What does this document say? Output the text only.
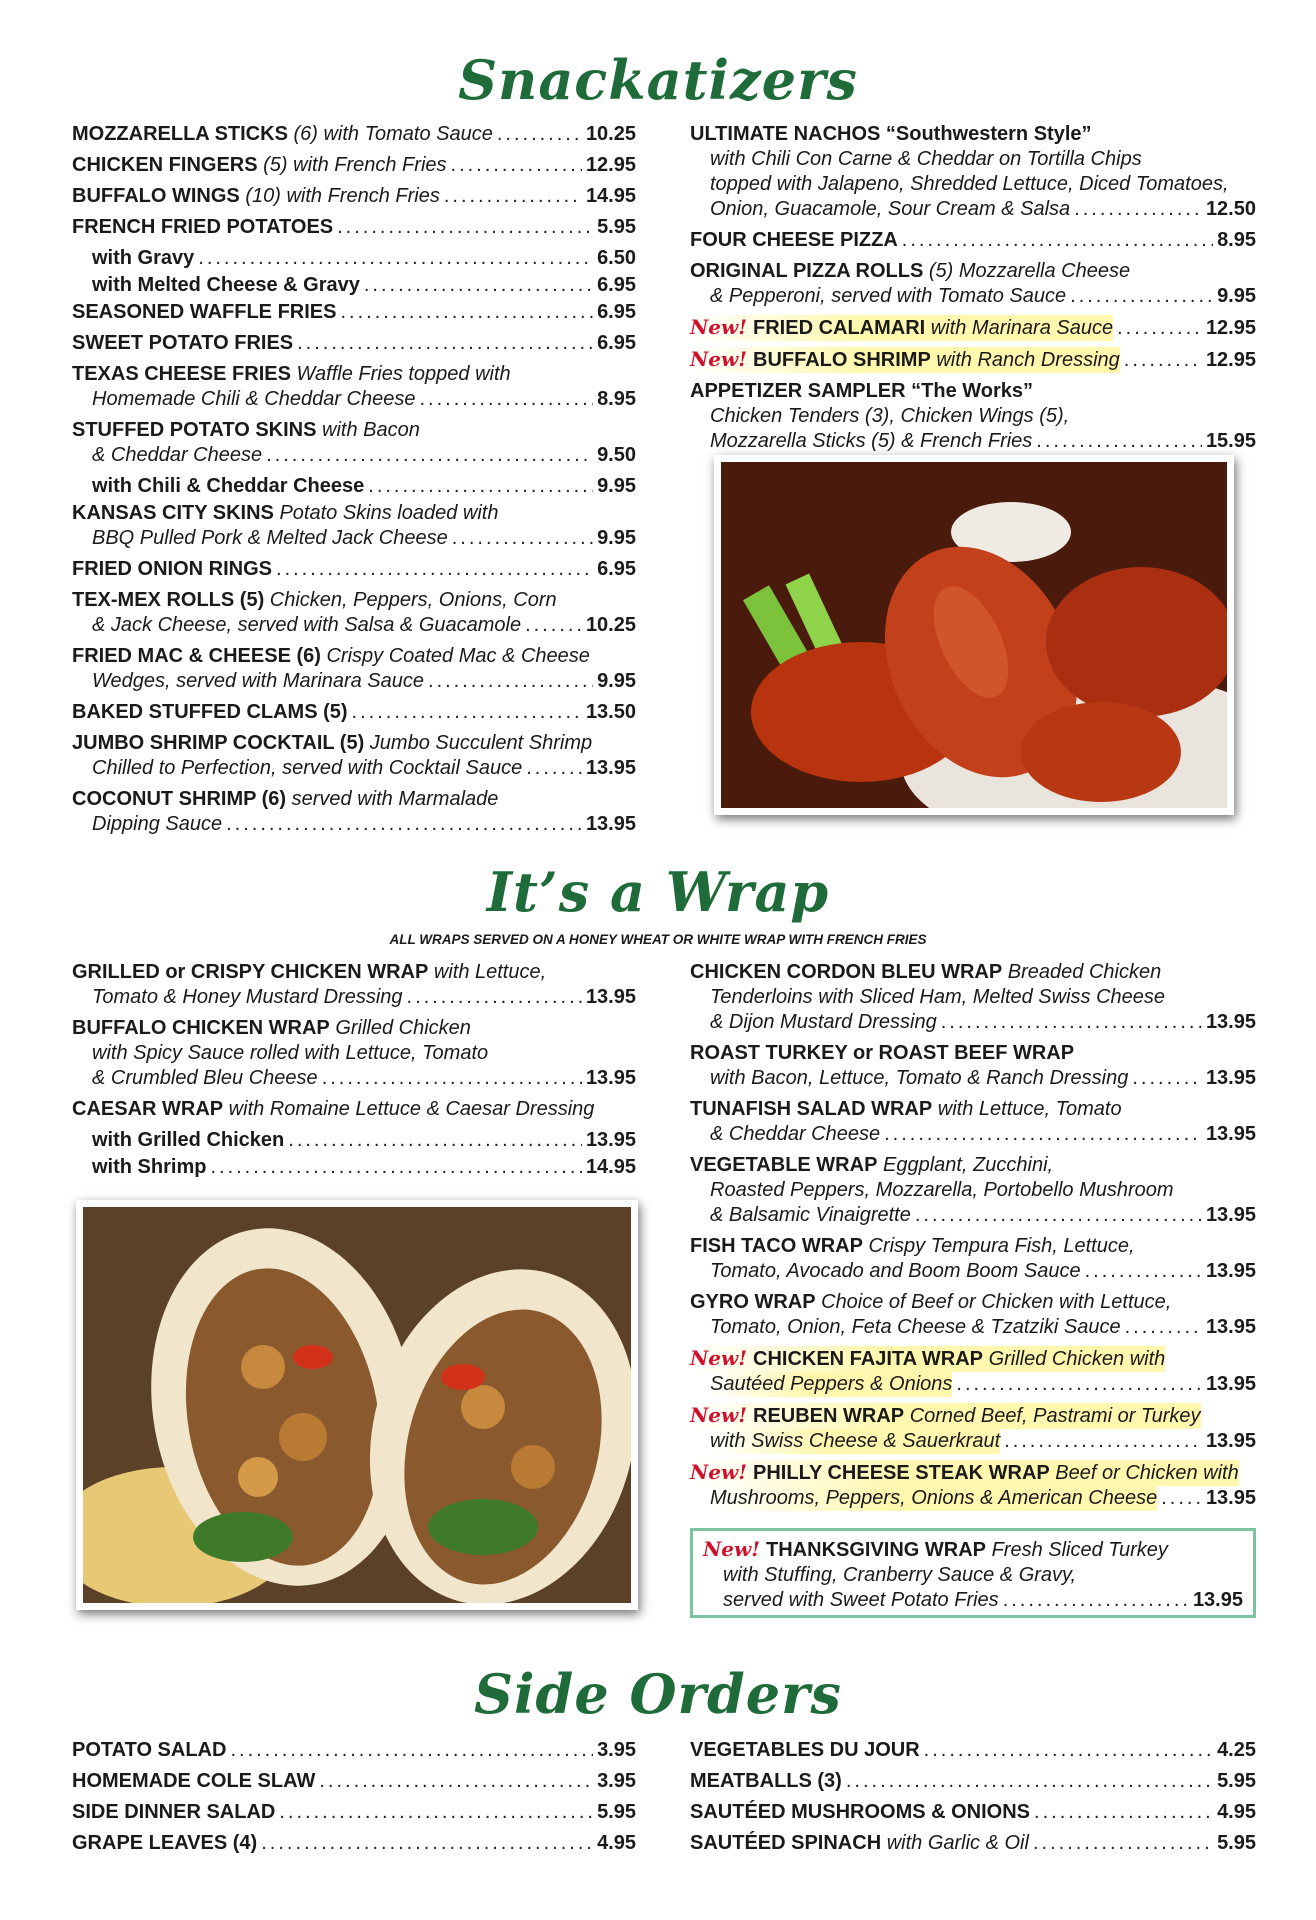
Snackatizers
MOZZARELLA STICKS (6) with Tomato Sauce .....	10.25
CHICKEN FINGERS (5) with French Fries .....	12.95
BUFFALO WINGS (10) with French Fries .....	14.95
FRENCH FRIED POTATOES .....	5.95
with Gravy .....	6.50
with Melted Cheese & Gravy .....	6.95
SEASONED WAFFLE FRIES .....	6.95
SWEET POTATO FRIES .....	6.95
TEXAS CHEESE FRIES Waffle Fries topped with
Homemade Chili & Cheddar Cheese .....	8.95
STUFFED POTATO SKINS with Bacon
& Cheddar Cheese .....	9.50
with Chili & Cheddar Cheese .....	9.95
KANSAS CITY SKINS Potato Skins loaded with
BBQ Pulled Pork & Melted Jack Cheese .....	9.95
FRIED ONION RINGS .....	6.95
TEX-MEX ROLLS (5) Chicken, Peppers, Onions, Corn
& Jack Cheese, served with Salsa & Guacamole .....	10.25
FRIED MAC & CHEESE (6) Crispy Coated Mac & Cheese
Wedges, served with Marinara Sauce .....	9.95
BAKED STUFFED CLAMS (5) .....	13.50
JUMBO SHRIMP COCKTAIL (5) Jumbo Succulent Shrimp
Chilled to Perfection, served with Cocktail Sauce .....	13.95
COCONUT SHRIMP (6) served with Marmalade
Dipping Sauce .....	13.95
ULTIMATE NACHOS “Southwestern Style”
with Chili Con Carne & Cheddar on Tortilla Chips
topped with Jalapeno, Shredded Lettuce, Diced Tomatoes,
Onion, Guacamole, Sour Cream & Salsa .....	12.50
FOUR CHEESE PIZZA .....	8.95
ORIGINAL PIZZA ROLLS (5) Mozzarella Cheese
& Pepperoni, served with Tomato Sauce .....	9.95
New! FRIED CALAMARI with Marinara Sauce .....	12.95
New! BUFFALO SHRIMP with Ranch Dressing .....	12.95
APPETIZER SAMPLER “The Works”
Chicken Tenders (3), Chicken Wings (5),
Mozzarella Sticks (5) & French Fries .....	15.95
It’s a Wrap
ALL WRAPS SERVED ON A HONEY WHEAT OR WHITE WRAP WITH FRENCH FRIES
GRILLED or CRISPY CHICKEN WRAP with Lettuce,
Tomato & Honey Mustard Dressing .....	13.95
BUFFALO CHICKEN WRAP Grilled Chicken
with Spicy Sauce rolled with Lettuce, Tomato
& Crumbled Bleu Cheese .....	13.95
CAESAR WRAP with Romaine Lettuce & Caesar Dressing
with Grilled Chicken .....	13.95
with Shrimp .....	14.95
CHICKEN CORDON BLEU WRAP Breaded Chicken
Tenderloins with Sliced Ham, Melted Swiss Cheese
& Dijon Mustard Dressing .....	13.95
ROAST TURKEY or ROAST BEEF WRAP
with Bacon, Lettuce, Tomato & Ranch Dressing .....	13.95
TUNAFISH SALAD WRAP with Lettuce, Tomato
& Cheddar Cheese .....	13.95
VEGETABLE WRAP Eggplant, Zucchini,
Roasted Peppers, Mozzarella, Portobello Mushroom
& Balsamic Vinaigrette .....	13.95
FISH TACO WRAP Crispy Tempura Fish, Lettuce,
Tomato, Avocado and Boom Boom Sauce .....	13.95
GYRO WRAP Choice of Beef or Chicken with Lettuce,
Tomato, Onion, Feta Cheese & Tzatziki Sauce .....	13.95
New! CHICKEN FAJITA WRAP Grilled Chicken with
Sautéed Peppers & Onions .....	13.95
New! REUBEN WRAP Corned Beef, Pastrami or Turkey
with Swiss Cheese & Sauerkraut .....	13.95
New! PHILLY CHEESE STEAK WRAP Beef or Chicken with
Mushrooms, Peppers, Onions & American Cheese ..... 13.95
New! THANKSGIVING WRAP Fresh Sliced Turkey
with Stuffing, Cranberry Sauce & Gravy,
served with Sweet Potato Fries .....	13.95
Side Orders
POTATO SALAD .....	3.95
HOMEMADE COLE SLAW .....	3.95
SIDE DINNER SALAD .....	5.95
GRAPE LEAVES (4) .....	4.95
VEGETABLES DU JOUR .....	4.25
MEATBALLS (3) .....	5.95
SAUTÉED MUSHROOMS & ONIONS .....	4.95
SAUTÉED SPINACH with Garlic & Oil .....	5.95
